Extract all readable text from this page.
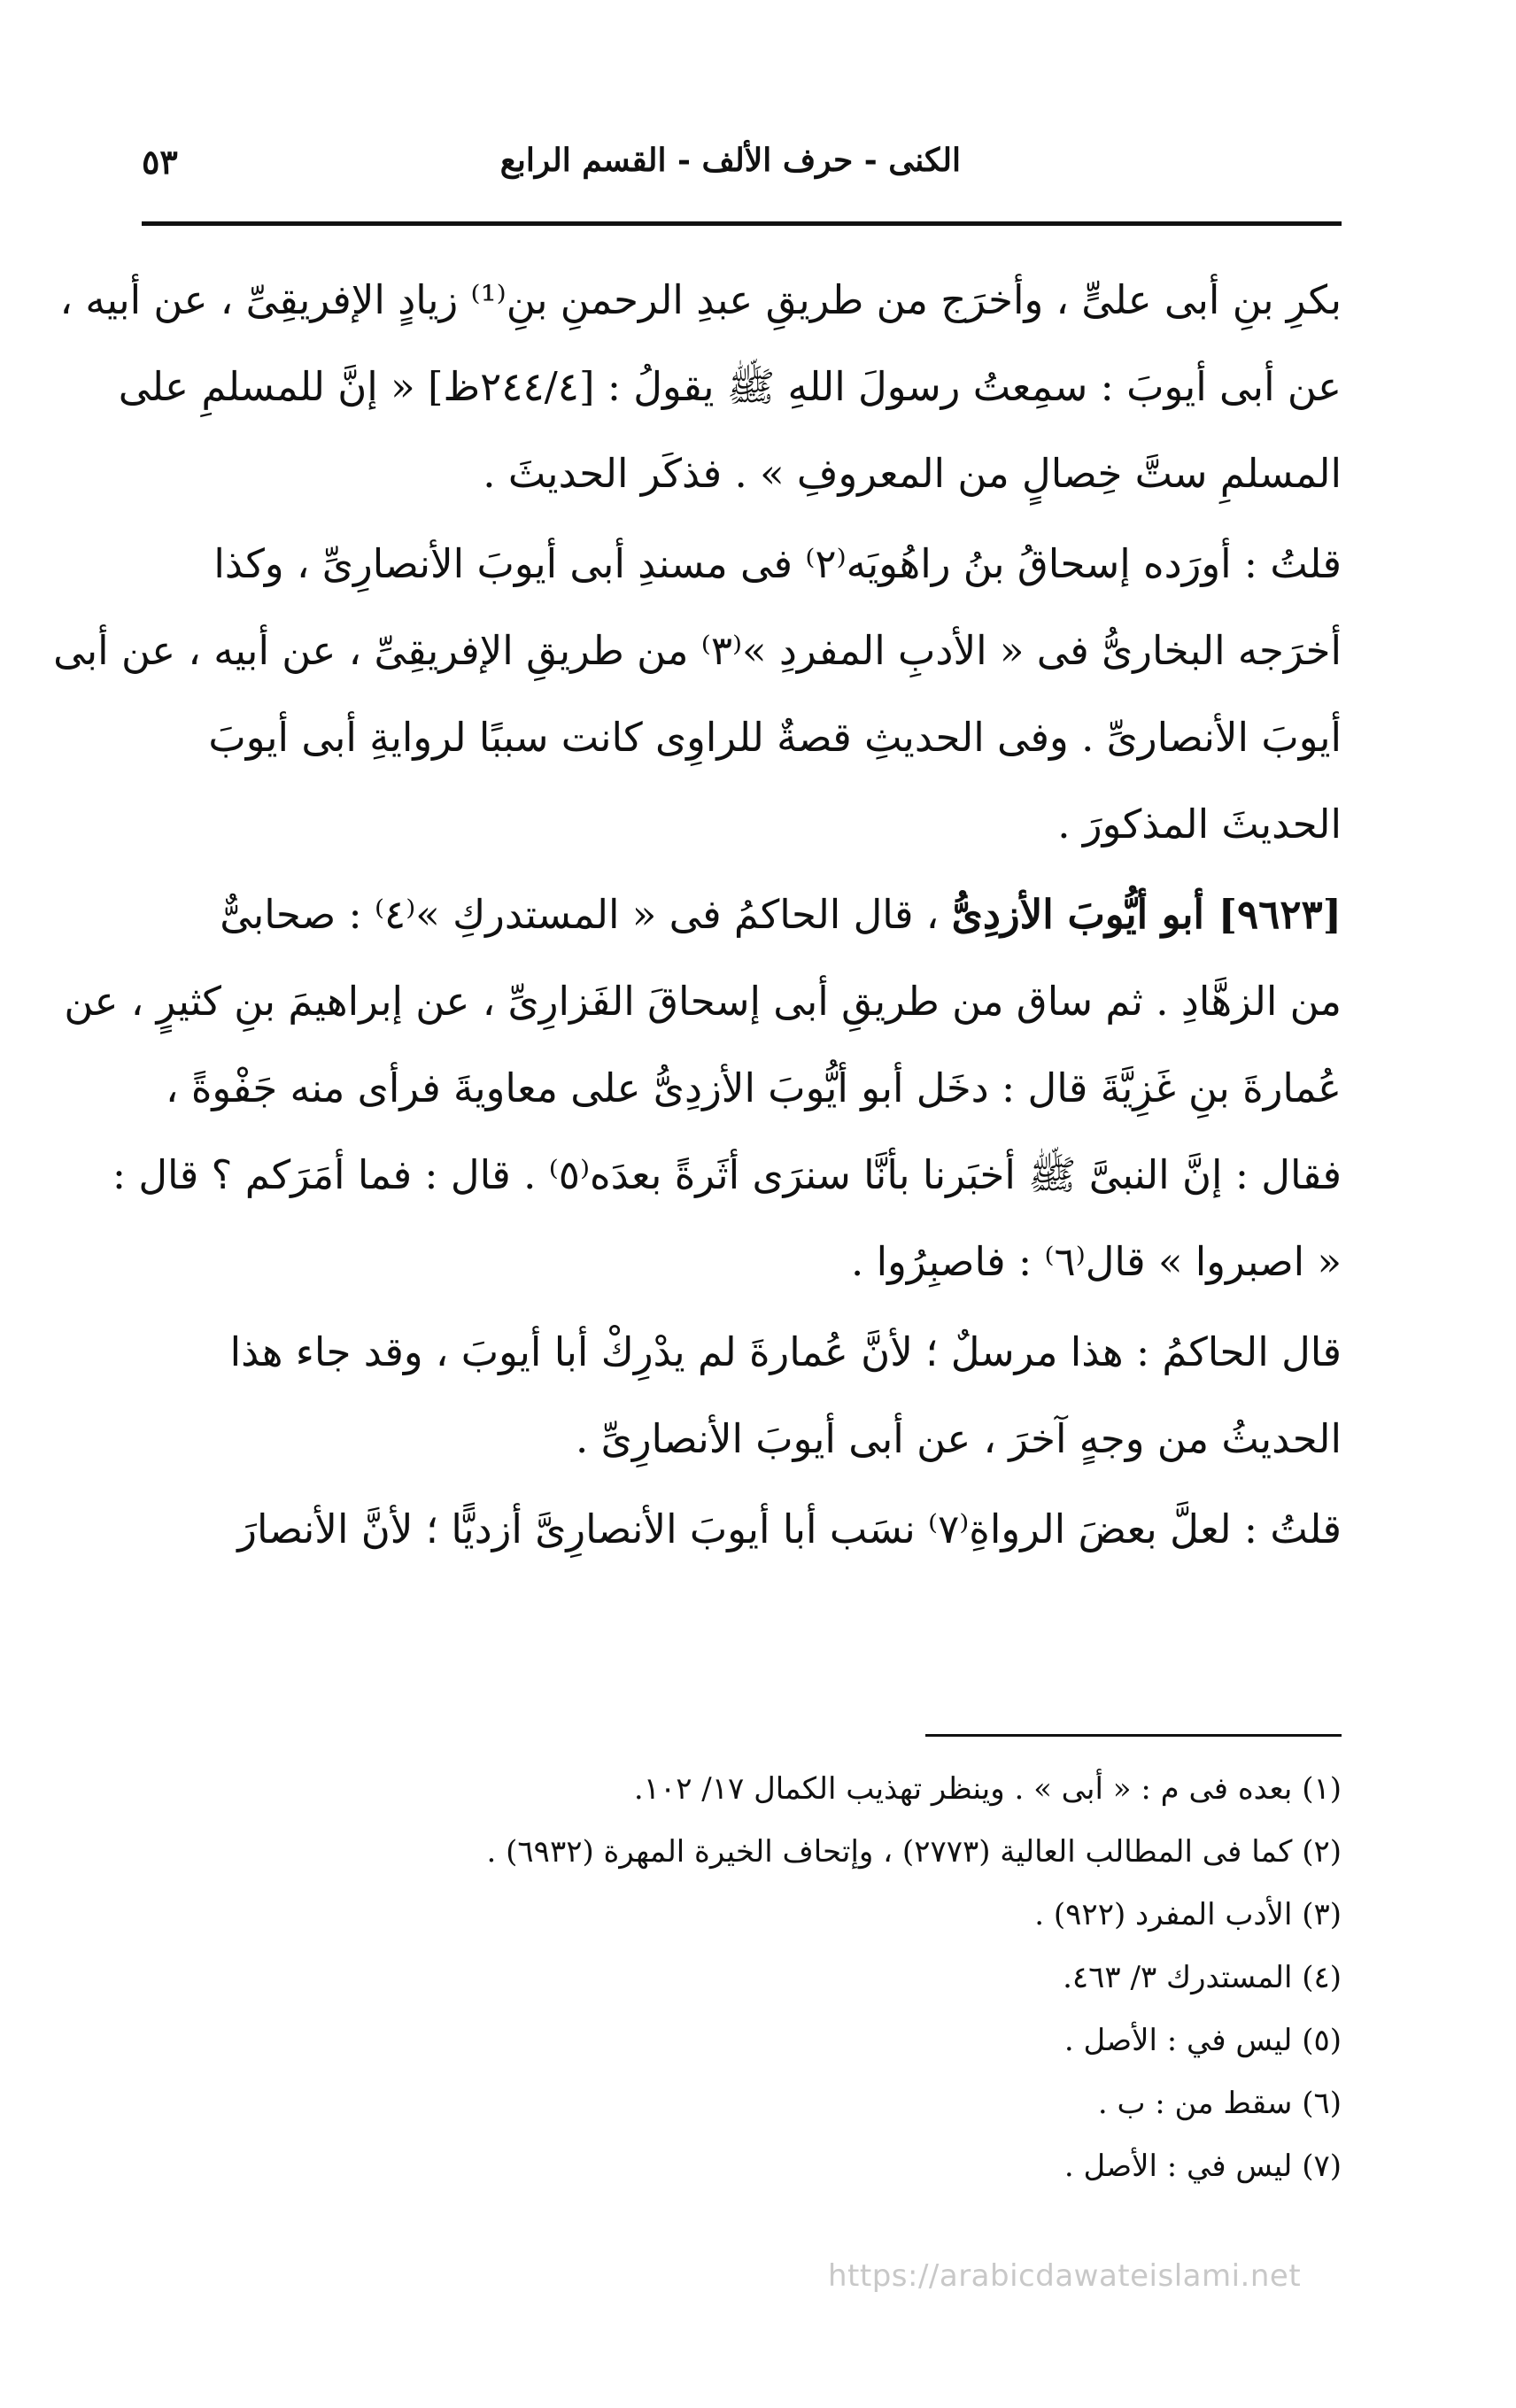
الكنى - حرف الألف - القسم الرابع
٥٣

بكرِ بنِ أبى علىٍّ ، وأخرَج من طريقِ عبدِ الرحمنِ بنِ⁽¹⁾ زيادٍ الإفريقِىِّ ، عن أبيه ،
عن أبى أيوبَ : سمِعتُ رسولَ اللهِ ﷺ يقولُ : [٢٤٤/٤ظ] « إنَّ للمسلمِ على
المسلمِ ستَّ خِصالٍ من المعروفِ » . فذكَر الحديثَ .

قلتُ : أورَده إسحاقُ بنُ راهُويَه⁽٢⁾ فى مسندِ أبى أيوبَ الأنصارِىِّ ، وكذا
أخرَجه البخارىُّ فى « الأدبِ المفردِ »⁽٣⁾ من طريقِ الإفريقِىِّ ، عن أبيه ، عن أبى
أيوبَ الأنصارىِّ . وفى الحديثِ قصةٌ للراوِى كانت سببًا لروايةِ أبى أيوبَ
الحديثَ المذكورَ .

[٩٦٢٣] أبو أيُّوبَ الأزدِىُّ ، قال الحاكمُ فى « المستدركِ »⁽٤⁾ : صحابىٌّ
من الزهَّادِ . ثم ساق من طريقِ أبى إسحاقَ الفَزارِىِّ ، عن إبراهيمَ بنِ كثيرٍ ، عن
عُمارةَ بنِ غَزِيَّةَ قال : دخَل أبو أيُّوبَ الأزدِىُّ على معاويةَ فرأى منه جَفْوةً ،
فقال : إنَّ النبىَّ ﷺ أخبَرنا بأنَّا سنرَى أثَرةً بعدَه⁽٥⁾ . قال : فما أمَرَكم ؟ قال :
« اصبروا » قال⁽٦⁾ : فاصبِرُوا .

قال الحاكمُ : هذا مرسلٌ ؛ لأنَّ عُمارةَ لم يدْرِكْ أبا أيوبَ ، وقد جاء هذا
الحديثُ من وجهٍ آخرَ ، عن أبى أيوبَ الأنصارِىِّ .

قلتُ : لعلَّ بعضَ الرواةِ⁽٧⁾ نسَب أبا أيوبَ الأنصارِىَّ أزديًّا ؛ لأنَّ الأنصارَ

(١) بعده فى م : « أبى » . وينظر تهذيب الكمال ١٧/ ١٠٢.
(٢) كما فى المطالب العالية (٢٧٧٣) ، وإتحاف الخيرة المهرة (٦٩٣٢) .
(٣) الأدب المفرد (٩٢٢) .
(٤) المستدرك ٣/ ٤٦٣.
(٥) ليس في : الأصل .
(٦) سقط من : ب .
(٧) ليس في : الأصل .
https://arabicdawateislami.net
